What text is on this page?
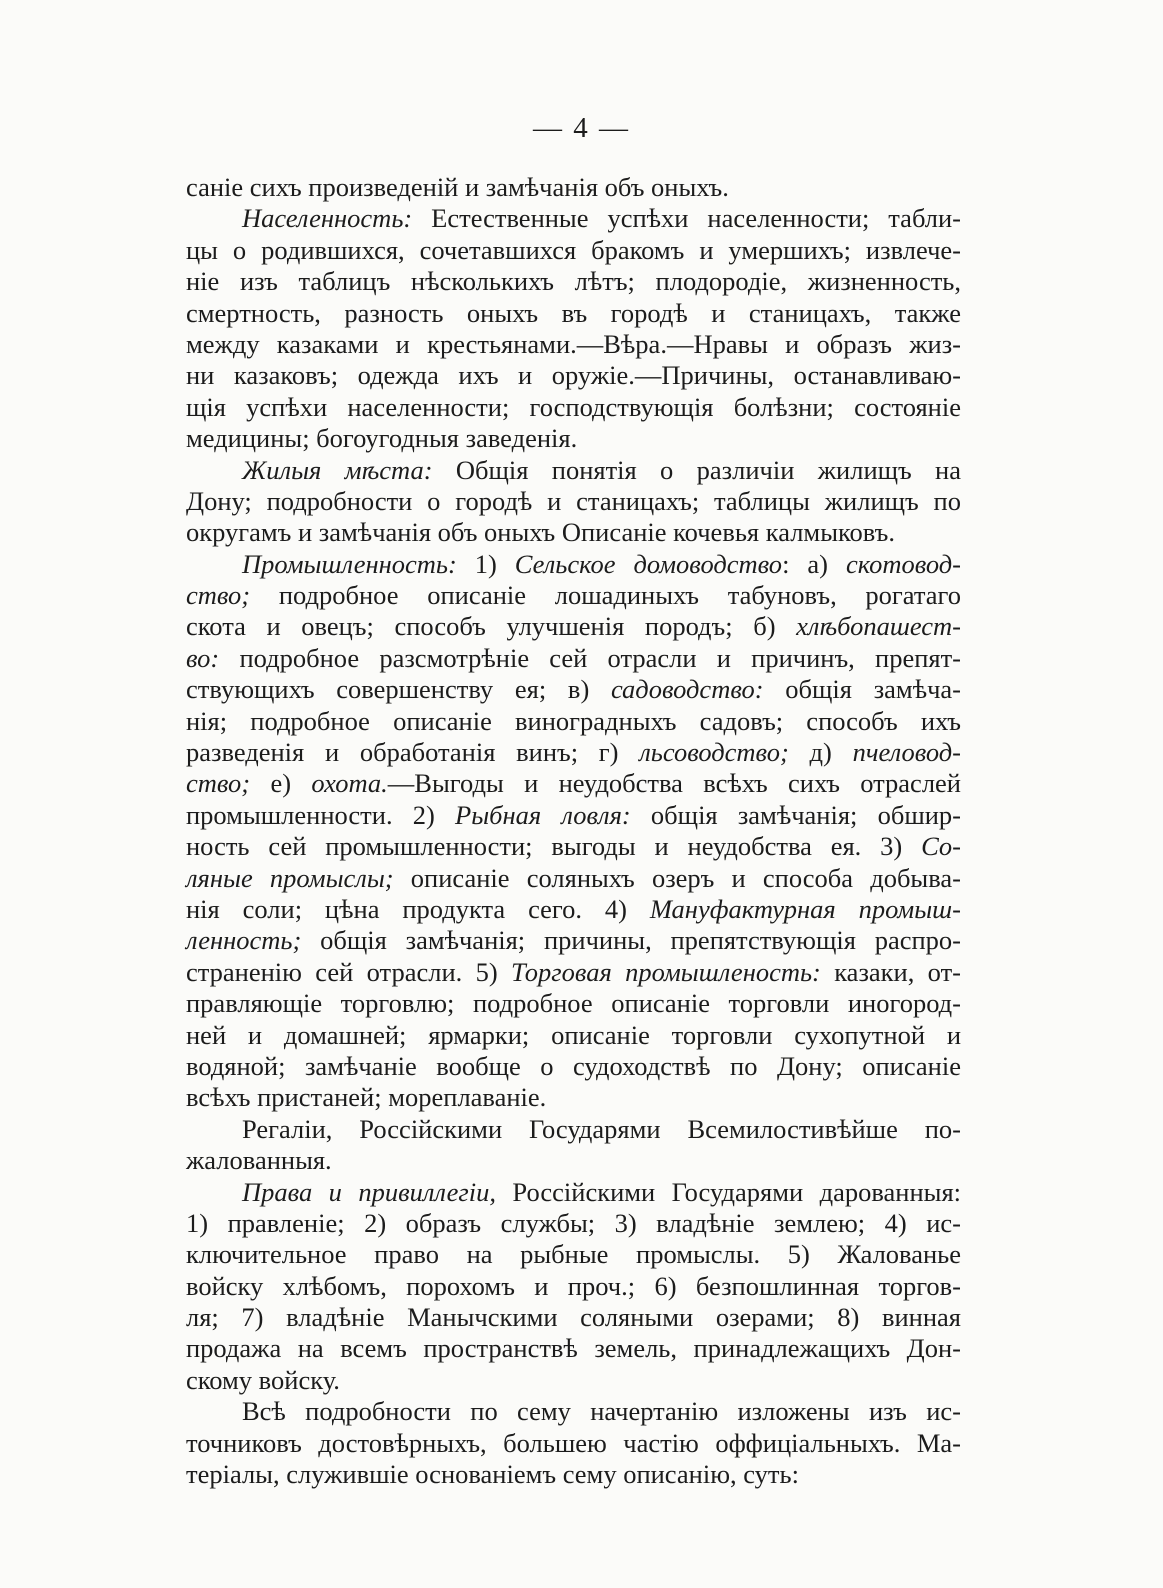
— 4 —
саніе сихъ произведеній и замѣчанія объ оныхъ.
Населенность: Естественные успѣхи населенности; табли-
цы о родившихся, сочетавшихся бракомъ и умершихъ; извлече-
ніе изъ таблицъ нѣсколькихъ лѣтъ; плодородіе, жизненность,
смертность, разность оныхъ въ городѣ и станицахъ, также
между казаками и крестьянами.—Вѣра.—Нравы и образъ жиз-
ни казаковъ; одежда ихъ и оружіе.—Причины, останавливаю-
щія успѣхи населенности; господствующія болѣзни; состояніе
медицины; богоугодныя заведенія.
Жилыя мѣста: Общія понятія о различіи жилищъ на
Дону; подробности о городѣ и станицахъ; таблицы жилищъ по
округамъ и замѣчанія объ оныхъ Описаніе кочевья калмыковъ.
Промышленность: 1) Сельское домоводство: а) скотовод-
ство; подробное описаніе лошадиныхъ табуновъ, рогатаго
скота и овецъ; способъ улучшенія породъ; б) хлѣбопашест-
во: подробное разсмотрѣніе сей отрасли и причинъ, препят-
ствующихъ совершенству ея; в) садоводство: общія замѣча-
нія; подробное описаніе виноградныхъ садовъ; способъ ихъ
разведенія и обработанія винъ; г) льсоводство; д) пчеловод-
ство; е) охота.—Выгоды и неудобства всѣхъ сихъ отраслей
промышленности. 2) Рыбная ловля: общія замѣчанія; обшир-
ность сей промышленности; выгоды и неудобства ея. 3) Со-
ляные промыслы; описаніе соляныхъ озеръ и способа добыва-
нія соли; цѣна продукта сего. 4) Мануфактурная промыш-
ленность; общія замѣчанія; причины, препятствующія распро-
страненію сей отрасли. 5) Торговая промышленость: казаки, от-
правляющіе торговлю; подробное описаніе торговли иногород-
ней и домашней; ярмарки; описаніе торговли сухопутной и
водяной; замѣчаніе вообще о судоходствѣ по Дону; описаніе
всѣхъ пристаней; мореплаваніе.
Регаліи, Россійскими Государями Всемилостивѣйше по-
жалованныя.
Права и привиллегіи, Россійскими Государями дарованныя:
1) правленіе; 2) образъ службы; 3) владѣніе землею; 4) ис-
ключительное право на рыбные промыслы. 5) Жалованье
войску хлѣбомъ, порохомъ и проч.; 6) безпошлинная торгов-
ля; 7) владѣніе Манычскими соляными озерами; 8) винная
продажа на всемъ пространствѣ земель, принадлежащихъ Дон-
скому войску.
Всѣ подробности по сему начертанію изложены изъ ис-
точниковъ достовѣрныхъ, большею частію оффиціальныхъ. Ма-
теріалы, служившіе основаніемъ сему описанію, суть:
